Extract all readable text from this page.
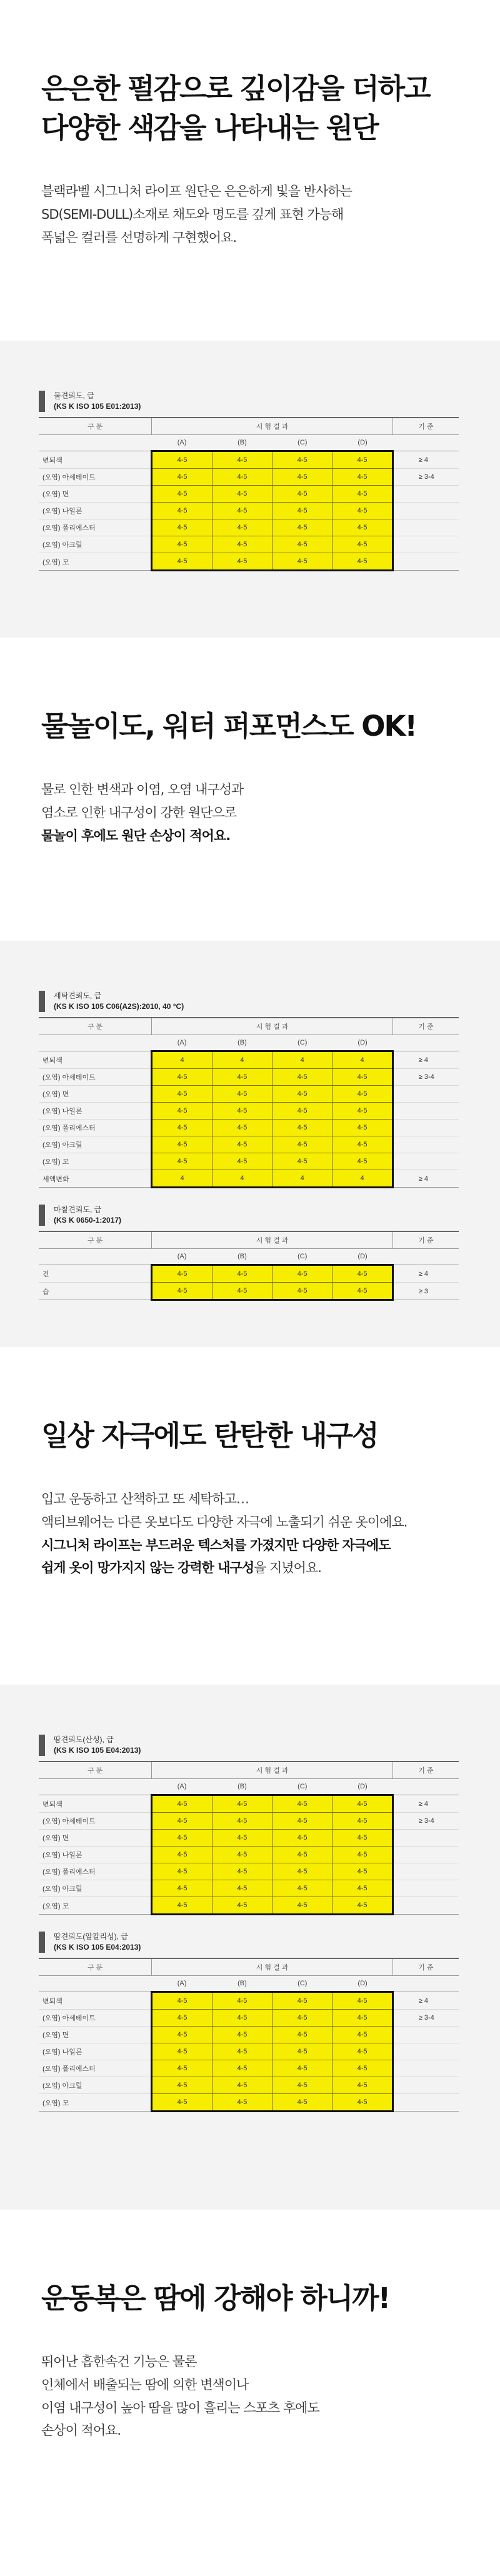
은은한 펄감으로 깊이감을 더하고
다양한 색감을 나타내는 원단

블랙라벨 시그니처 라이프 원단은 은은하게 빛을 반사하는
SD(SEMI-DULL)소재로 채도와 명도를 깊게 표현 가능해
폭넓은 컬러를 선명하게 구현했어요.

물견뢰도, 급
(KS K ISO 105 E01:2013)
구 분	시 험 결 과				기 준
	(A)	(B)	(C)	(D)	
변퇴색	4-5	4-5	4-5	4-5	≥ 4
(오염) 아세테이트	4-5	4-5	4-5	4-5	≥ 3-4
(오염) 면	4-5	4-5	4-5	4-5	
(오염) 나일론	4-5	4-5	4-5	4-5	
(오염) 폴리에스터	4-5	4-5	4-5	4-5	
(오염) 아크릴	4-5	4-5	4-5	4-5	
(오염) 모	4-5	4-5	4-5	4-5	
물놀이도, 워터 퍼포먼스도 OK!

물로 인한 변색과 이염, 오염 내구성과
염소로 인한 내구성이 강한 원단으로
물놀이 후에도 원단 손상이 적어요.

세탁견뢰도, 급
(KS K ISO 105 C06(A2S):2010, 40 °C)
구 분	시 험 결 과				기 준
	(A)	(B)	(C)	(D)	
변퇴색	4	4	4	4	≥ 4
(오염) 아세테이트	4-5	4-5	4-5	4-5	≥ 3-4
(오염) 면	4-5	4-5	4-5	4-5	
(오염) 나일론	4-5	4-5	4-5	4-5	
(오염) 폴리에스터	4-5	4-5	4-5	4-5	
(오염) 아크릴	4-5	4-5	4-5	4-5	
(오염) 모	4-5	4-5	4-5	4-5	
세액변화	4	4	4	4	≥ 4
마찰견뢰도, 급
(KS K 0650-1:2017)
구 분	시 험 결 과				기 준
	(A)	(B)	(C)	(D)	
건	4-5	4-5	4-5	4-5	≥ 4
습	4-5	4-5	4-5	4-5	≥ 3
일상 자극에도 탄탄한 내구성

입고 운동하고 산책하고 또 세탁하고…
액티브웨어는 다른 옷보다도 다양한 자극에 노출되기 쉬운 옷이에요.
시그니처 라이프는 부드러운 텍스처를 가졌지만 다양한 자극에도
쉽게 옷이 망가지지 않는 강력한 내구성을 지녔어요.

땀견뢰도(산성), 급
(KS K ISO 105 E04:2013)
구 분	시 험 결 과				기 준
	(A)	(B)	(C)	(D)	
변퇴색	4-5	4-5	4-5	4-5	≥ 4
(오염) 아세테이트	4-5	4-5	4-5	4-5	≥ 3-4
(오염) 면	4-5	4-5	4-5	4-5	
(오염) 나일론	4-5	4-5	4-5	4-5	
(오염) 폴리에스터	4-5	4-5	4-5	4-5	
(오염) 아크릴	4-5	4-5	4-5	4-5	
(오염) 모	4-5	4-5	4-5	4-5	
땀견뢰도(알칼리성), 급
(KS K ISO 105 E04:2013)
구 분	시 험 결 과				기 준
	(A)	(B)	(C)	(D)	
변퇴색	4-5	4-5	4-5	4-5	≥ 4
(오염) 아세테이트	4-5	4-5	4-5	4-5	≥ 3-4
(오염) 면	4-5	4-5	4-5	4-5	
(오염) 나일론	4-5	4-5	4-5	4-5	
(오염) 폴리에스터	4-5	4-5	4-5	4-5	
(오염) 아크릴	4-5	4-5	4-5	4-5	
(오염) 모	4-5	4-5	4-5	4-5	
운동복은 땀에 강해야 하니까!

뛰어난 흡한속건 기능은 물론
인체에서 배출되는 땀에 의한 변색이나
이염 내구성이 높아 땀을 많이 흘리는 스포츠 후에도
손상이 적어요.
